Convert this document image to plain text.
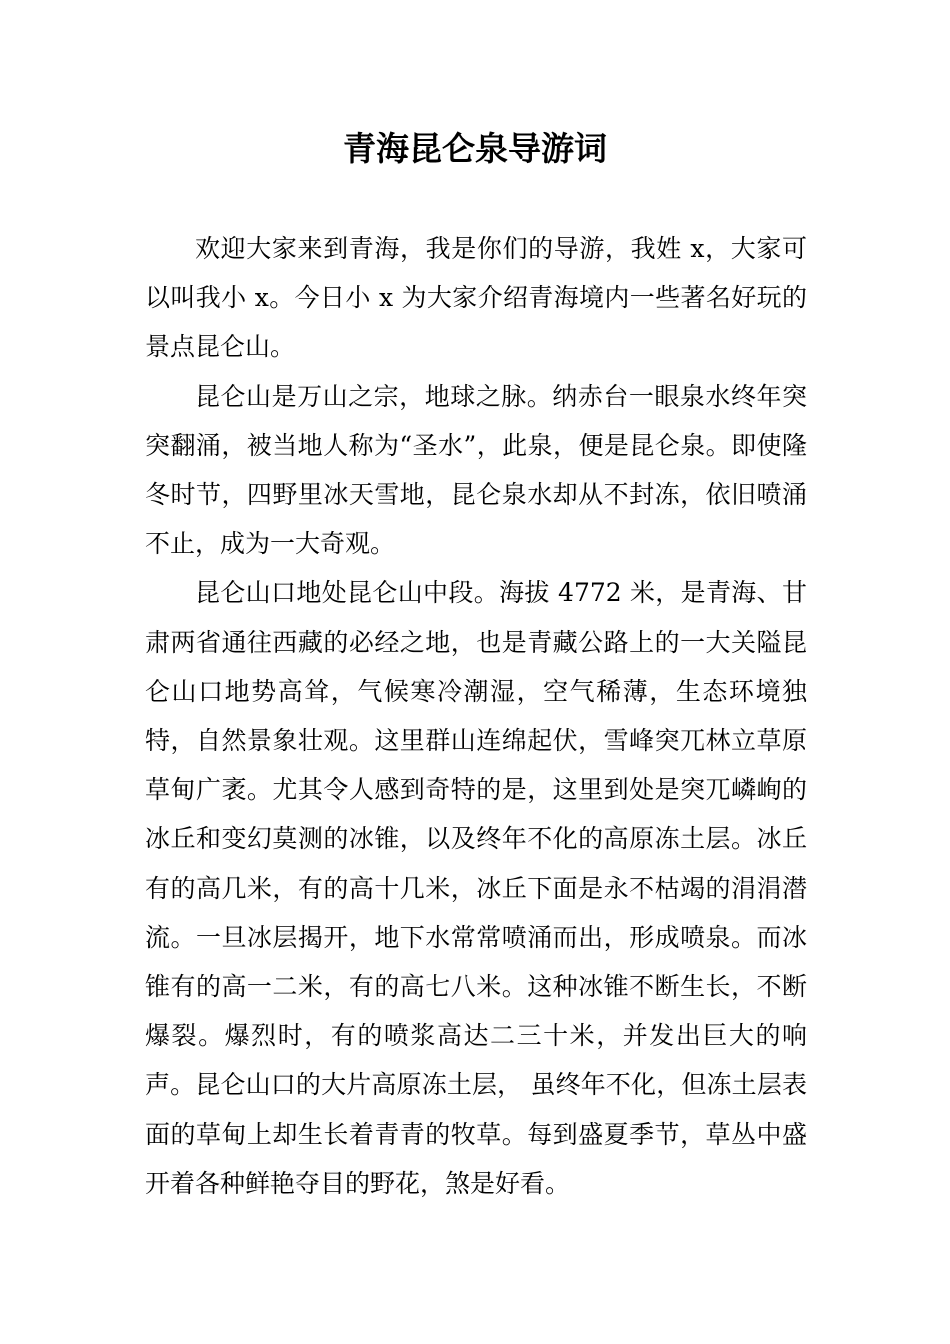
青海昆仑泉导游词

欢迎大家来到青海，我是你们的导游，我姓 x，大家可以叫我小 x。今日小 x 为大家介绍青海境内一些著名好玩的景点昆仑山。

昆仑山是万山之宗，地球之脉。纳赤台一眼泉水终年突突翻涌，被当地人称为“圣水”，此泉，便是昆仑泉。即使隆冬时节，四野里冰天雪地，昆仑泉水却从不封冻，依旧喷涌不止，成为一大奇观。

昆仑山口地处昆仑山中段。海拔 4772 米，是青海、甘肃两省通往西藏的必经之地，也是青藏公路上的一大关隘昆仑山口地势高耸，气候寒冷潮湿，空气稀薄，生态环境独特，自然景象壮观。这里群山连绵起伏，雪峰突兀林立草原草甸广袤。尤其令人感到奇特的是，这里到处是突兀嶙峋的冰丘和变幻莫测的冰锥，以及终年不化的高原冻土层。冰丘有的高几米，有的高十几米，冰丘下面是永不枯竭的涓涓潜流。一旦冰层揭开，地下水常常喷涌而出，形成喷泉。而冰锥有的高一二米，有的高七八米。这种冰锥不断生长，不断爆裂。爆烈时，有的喷浆高达二三十米，并发出巨大的响声。昆仑山口的大片高原冻土层， 虽终年不化，但冻土层表面的草甸上却生长着青青的牧草。每到盛夏季节，草丛中盛开着各种鲜艳夺目的野花，煞是好看。
